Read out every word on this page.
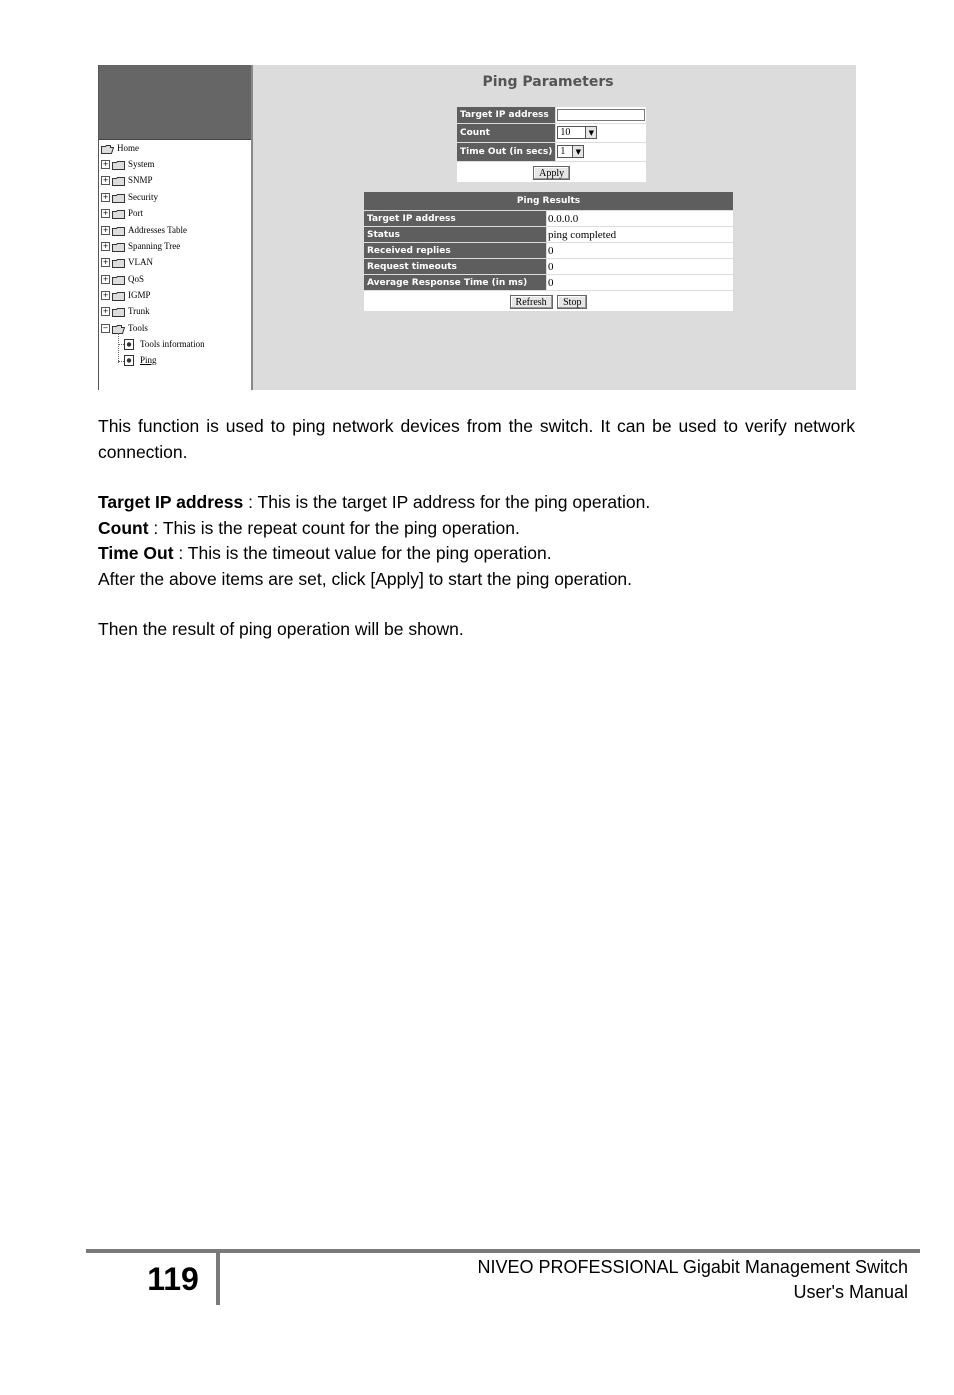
Home
+ System
+ SNMP
+ Security
+ Port
+ Addresses Table
+ Spanning Tree
+ VLAN
+ QoS
+ IGMP
+ Trunk
− Tools
Tools information
Ping
Ping Parameters
Target IP address	

Count	10 ▼

Time Out (in secs)	1 ▼

Apply	
Ping Results	
Target IP address	0.0.0.0
Status	ping completed
Received replies	0
Request timeouts	0
Average Response Time (in ms)	0
Refresh Stop	
This function is used to ping network devices from the switch. It can be used to verify network connection.
Target IP address : This is the target IP address for the ping operation.
Count : This is the repeat count for the ping operation.
Time Out : This is the timeout value for the ping operation.
After the above items are set, click [Apply] to start the ping operation.
Then the result of ping operation will be shown.
119	NIVEO PROFESSIONAL Gigabit Management Switch
User's Manual
